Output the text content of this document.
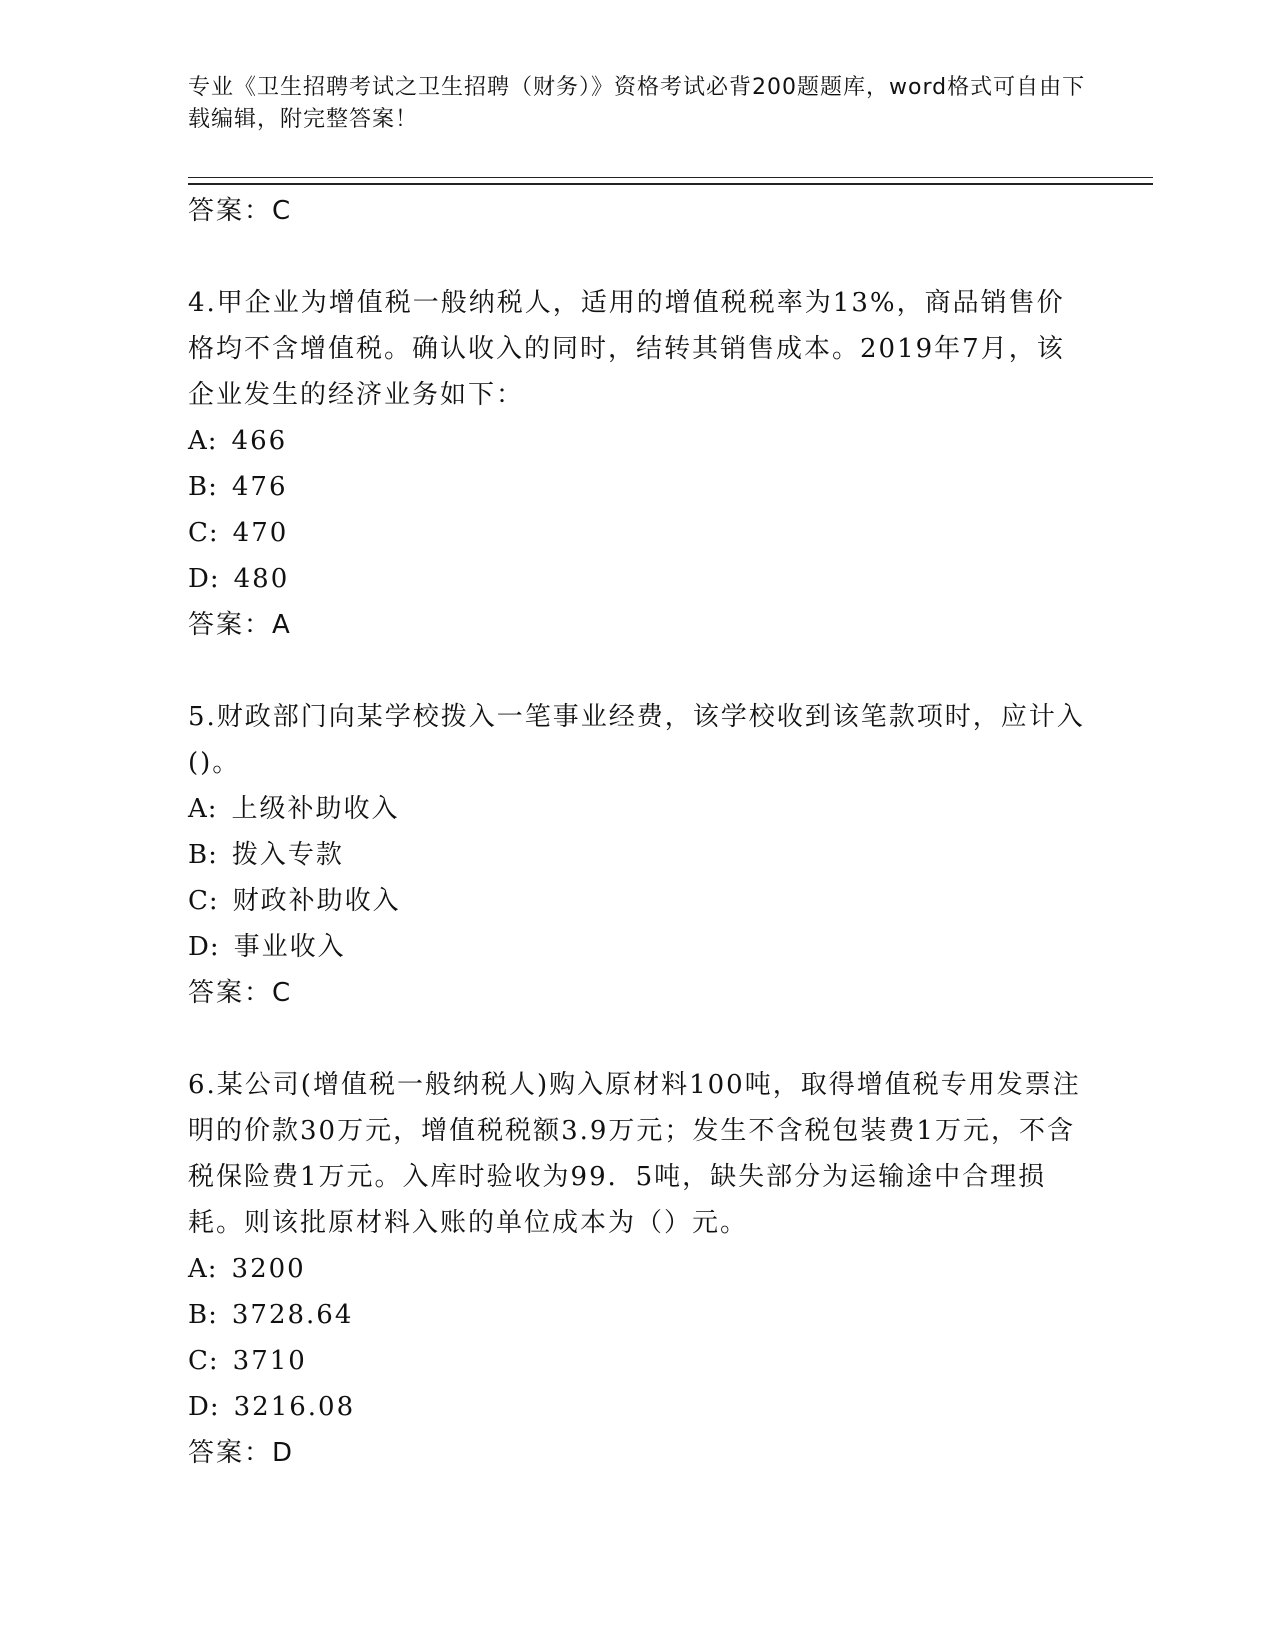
专业《卫生招聘考试之卫生招聘（财务）》资格考试必背200题题库，word格式可自由下载编辑，附完整答案！
答案：C
4.甲企业为增值税一般纳税人，适用的增值税税率为13%，商品销售价格均不含增值税。确认收入的同时，结转其销售成本。2019年7月，该企业发生的经济业务如下：
A: 466
B: 476
C: 470
D: 480
答案：A
5.财政部门向某学校拨入一笔事业经费，该学校收到该笔款项时，应计入()。
A: 上级补助收入
B: 拨入专款
C: 财政补助收入
D: 事业收入
答案：C
6.某公司(增值税一般纳税人)购入原材料100吨，取得增值税专用发票注明的价款30万元，增值税税额3.9万元；发生不含税包装费1万元，不含税保险费1万元。入库时验收为99．5吨，缺失部分为运输途中合理损耗。则该批原材料入账的单位成本为（）元。
A: 3200
B: 3728.64
C: 3710
D: 3216.08
答案：D
